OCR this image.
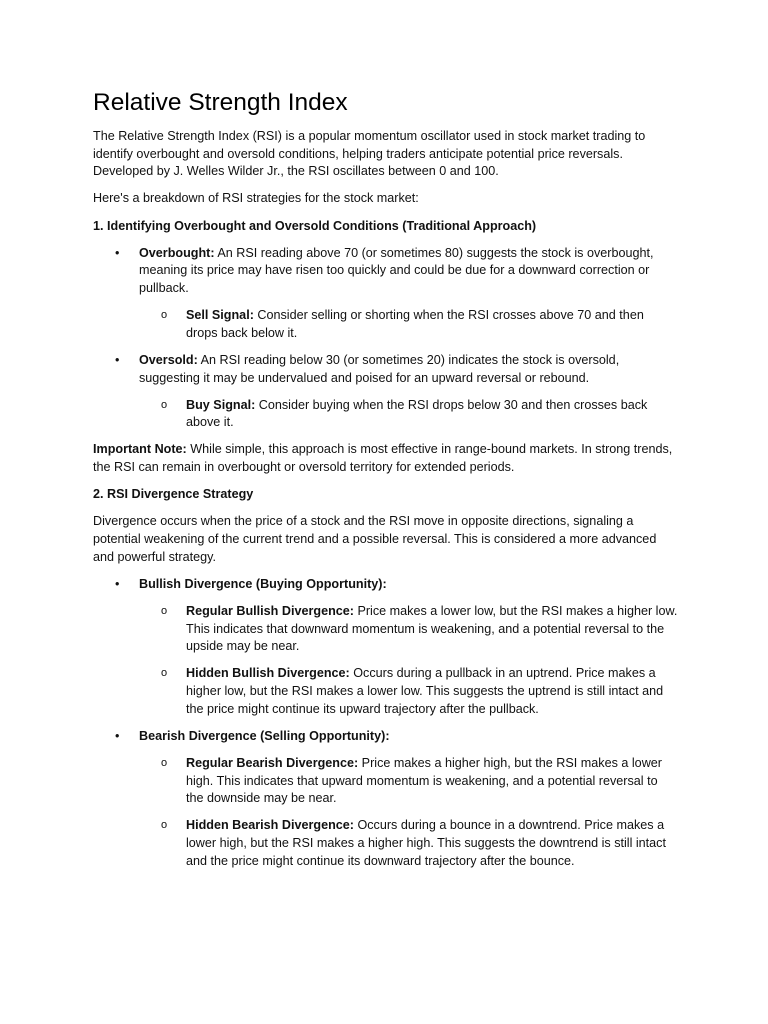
Relative Strength Index

The Relative Strength Index (RSI) is a popular momentum oscillator used in stock market trading to identify overbought and oversold conditions, helping traders anticipate potential price reversals. Developed by J. Welles Wilder Jr., the RSI oscillates between 0 and 100.

Here's a breakdown of RSI strategies for the stock market:

1. Identifying Overbought and Oversold Conditions (Traditional Approach)
• Overbought: An RSI reading above 70 (or sometimes 80) suggests the stock is overbought, meaning its price may have risen too quickly and could be due for a downward correction or pullback.
o Sell Signal: Consider selling or shorting when the RSI crosses above 70 and then drops back below it.
• Oversold: An RSI reading below 30 (or sometimes 20) indicates the stock is oversold, suggesting it may be undervalued and poised for an upward reversal or rebound.
o Buy Signal: Consider buying when the RSI drops below 30 and then crosses back above it.

Important Note: While simple, this approach is most effective in range-bound markets. In strong trends, the RSI can remain in overbought or oversold territory for extended periods.

2. RSI Divergence Strategy

Divergence occurs when the price of a stock and the RSI move in opposite directions, signaling a potential weakening of the current trend and a possible reversal. This is considered a more advanced and powerful strategy.

• Bullish Divergence (Buying Opportunity):
o Regular Bullish Divergence: Price makes a lower low, but the RSI makes a higher low. This indicates that downward momentum is weakening, and a potential reversal to the upside may be near.
o Hidden Bullish Divergence: Occurs during a pullback in an uptrend. Price makes a higher low, but the RSI makes a lower low. This suggests the uptrend is still intact and the price might continue its upward trajectory after the pullback.
• Bearish Divergence (Selling Opportunity):
o Regular Bearish Divergence: Price makes a higher high, but the RSI makes a lower high. This indicates that upward momentum is weakening, and a potential reversal to the downside may be near.
o Hidden Bearish Divergence: Occurs during a bounce in a downtrend. Price makes a lower high, but the RSI makes a higher high. This suggests the downtrend is still intact and the price might continue its downward trajectory after the bounce.
